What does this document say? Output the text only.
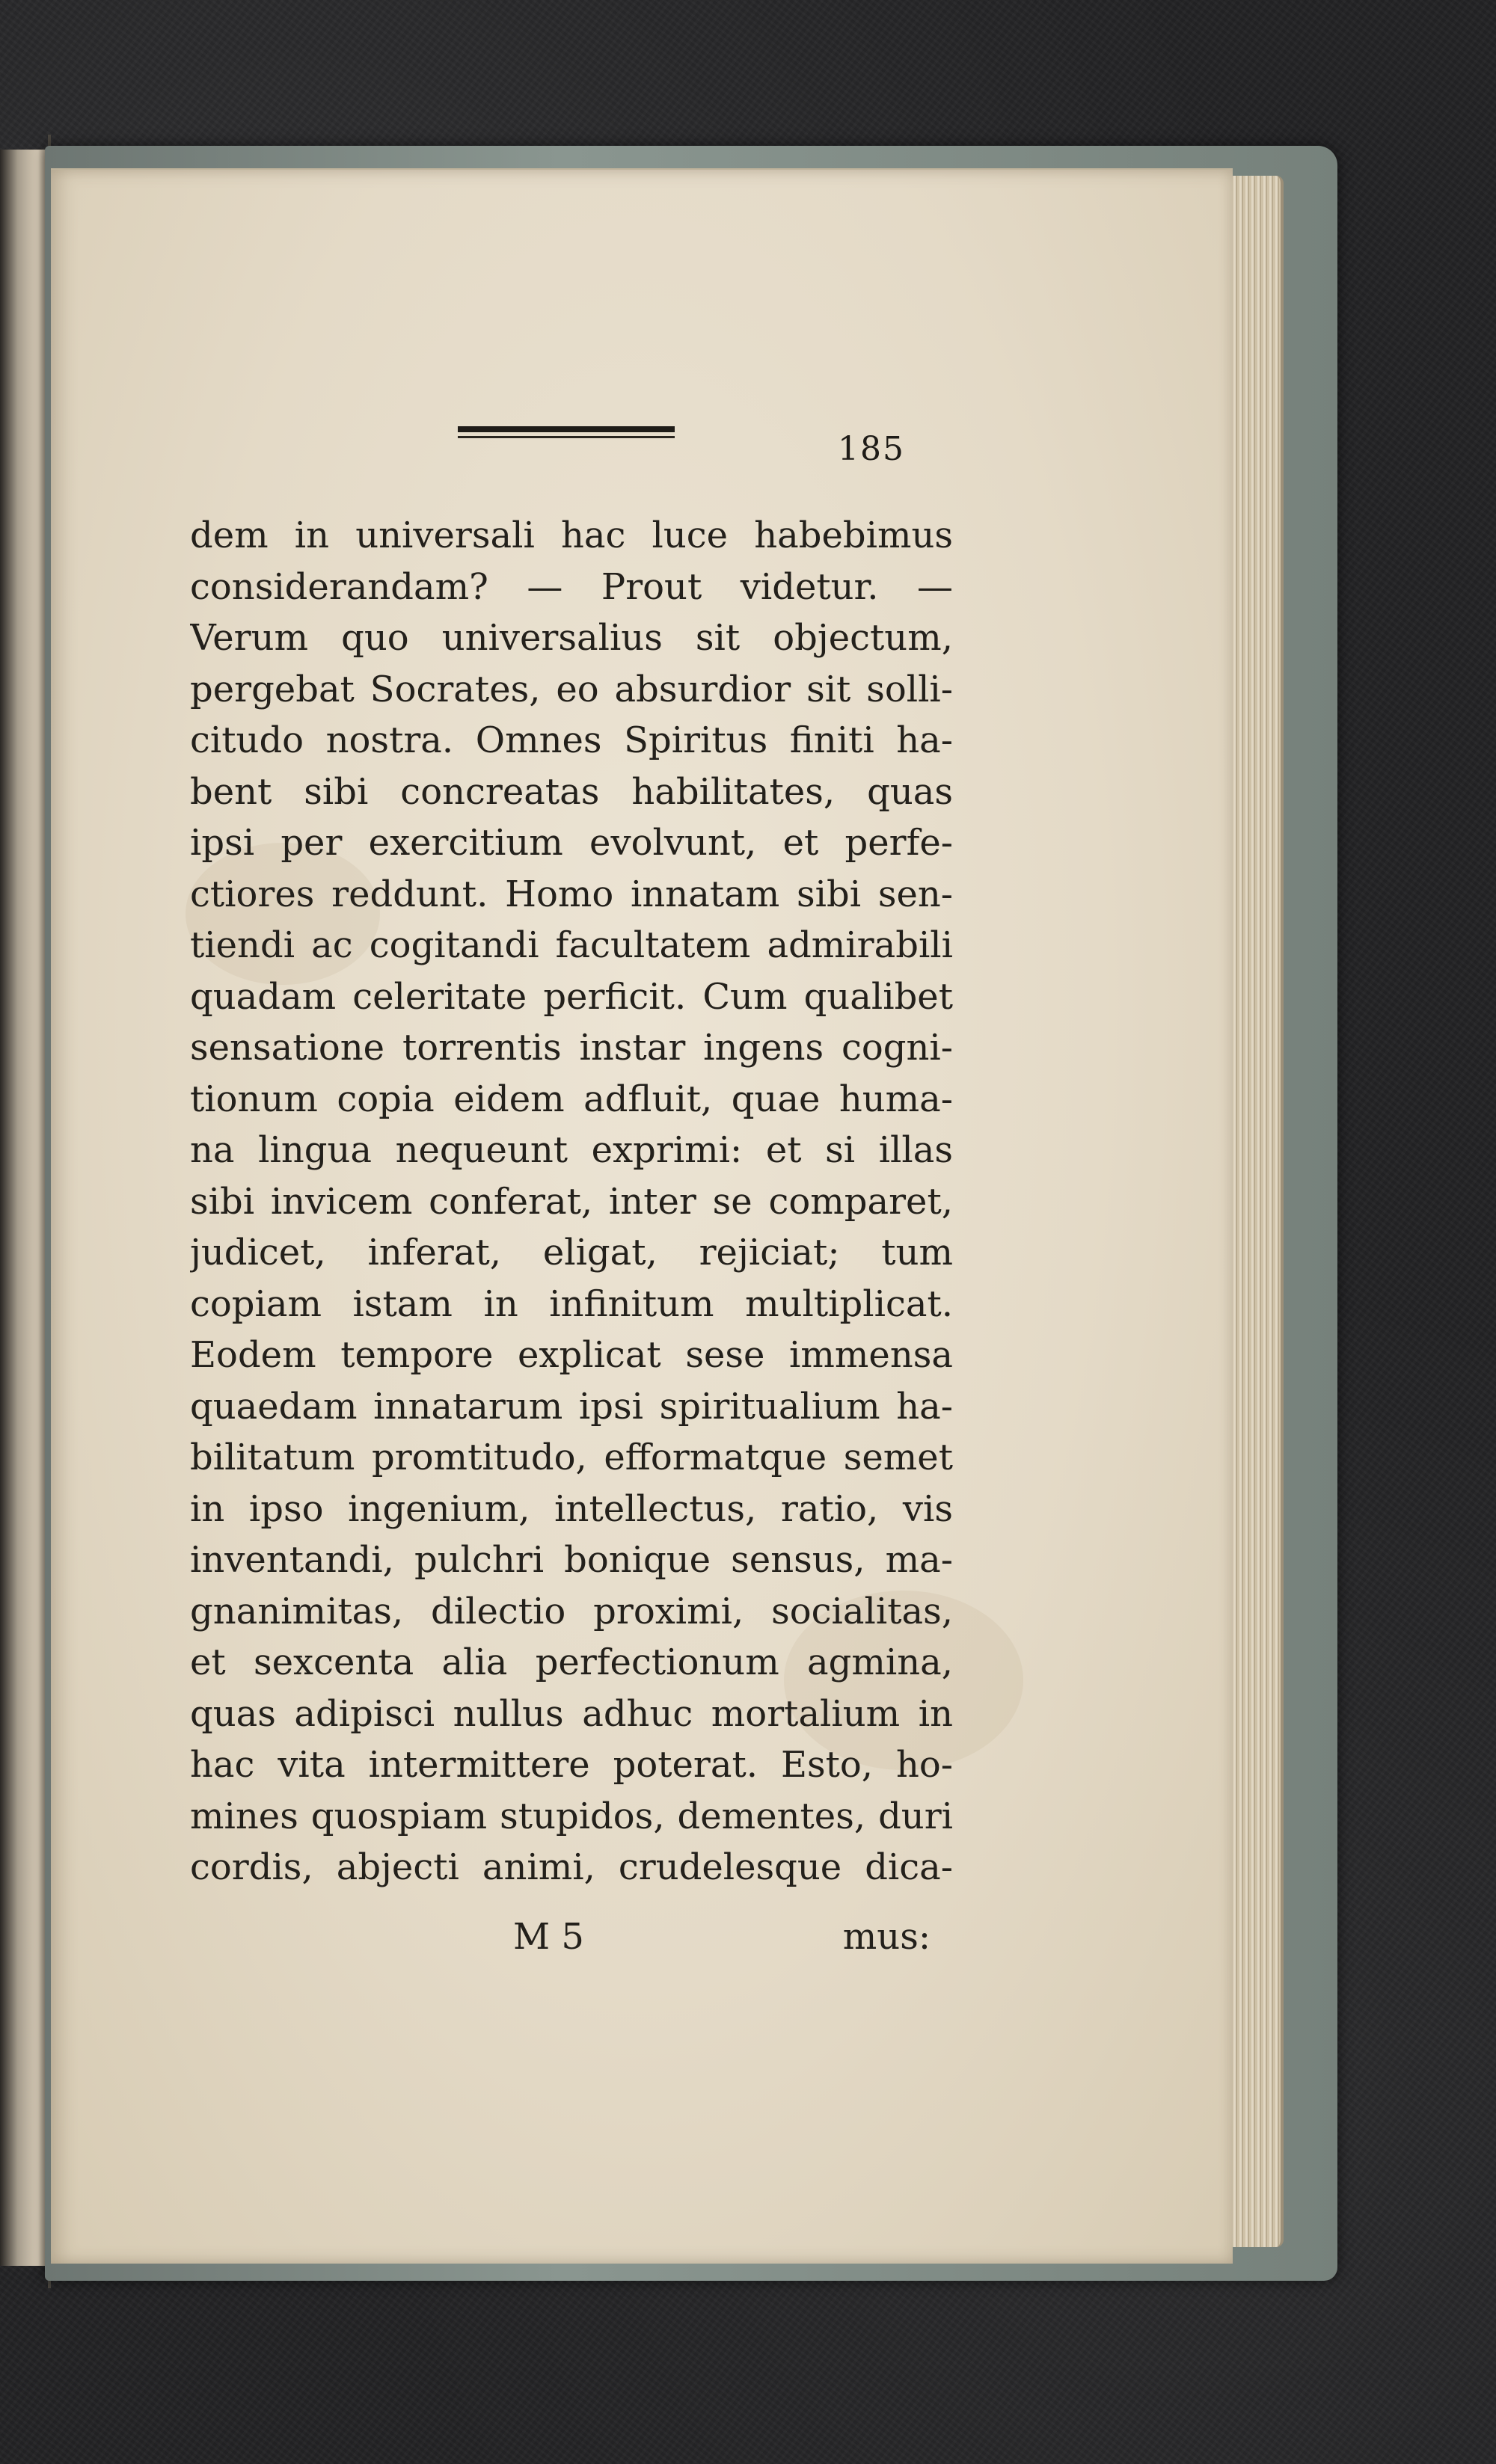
185
dem in universali hac luce habebimus
considerandam? — Prout videtur. —
Verum quo universalius sit objectum,
pergebat Socrates, eo absurdior sit solli-
citudo nostra. Omnes Spiritus finiti ha-
bent sibi concreatas habilitates, quas
ipsi per exercitium evolvunt, et perfe-
ctiores reddunt. Homo innatam sibi sen-
tiendi ac cogitandi facultatem admirabili
quadam celeritate perficit. Cum qualibet
sensatione torrentis instar ingens cogni-
tionum copia eidem adfluit, quae huma-
na lingua nequeunt exprimi: et si illas
sibi invicem conferat, inter se comparet,
judicet, inferat, eligat, rejiciat; tum
copiam istam in infinitum multiplicat.
Eodem tempore explicat sese immensa
quaedam innatarum ipsi spiritualium ha-
bilitatum promtitudo, efformatque semet
in ipso ingenium, intellectus, ratio, vis
inventandi, pulchri bonique sensus, ma-
gnanimitas, dilectio proximi, socialitas,
et sexcenta alia perfectionum agmina,
quas adipisci nullus adhuc mortalium in
hac vita intermittere poterat. Esto, ho-
mines quospiam stupidos, dementes, duri
cordis, abjecti animi, crudelesque dica-
M 5	mus:
